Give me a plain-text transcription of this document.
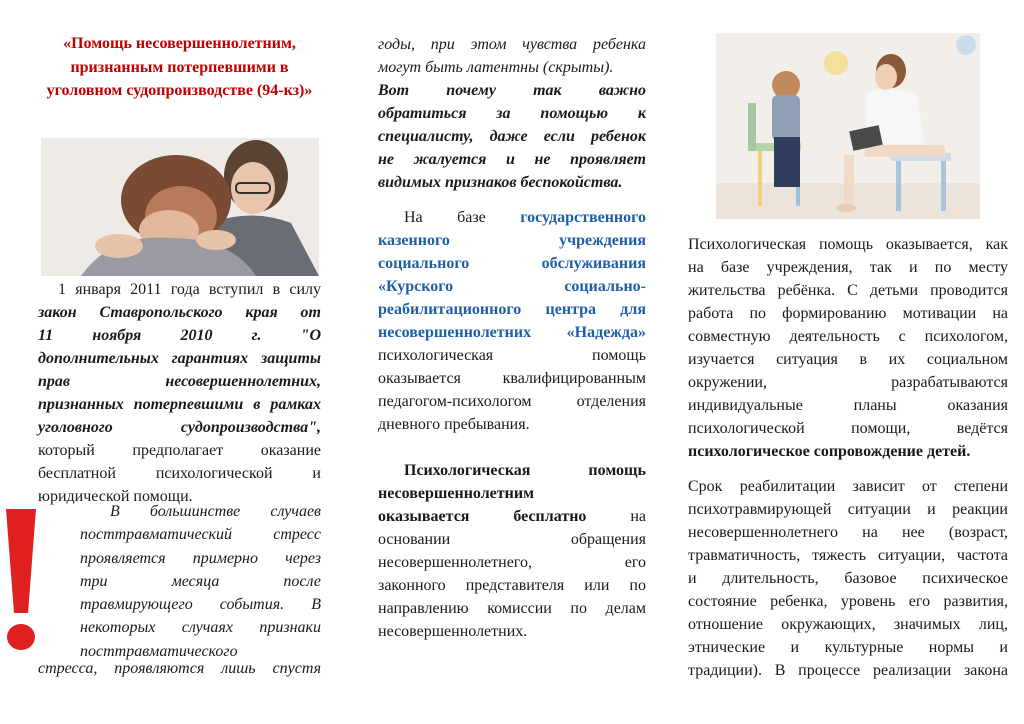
«Помощь несовершеннолетним, признанным потерпевшими в уголовном судопроизводстве (94-кз)»

1 января 2011 года вступил в силу

закон Ставропольского края от

11 ноября 2010 г. "О

дополнительных гарантиях защиты

прав несовершеннолетних,

признанных потерпевшими в рамках

уголовного судопроизводства",

который предполагает оказание

бесплатной психологической и

юридической помощи.

В большинстве случаев

посттравматический стресс

проявляется примерно через

три месяца после

травмирующего события. В

некоторых случаях признаки

посттравматического

стресса, проявляются лишь спустя

годы, при этом чувства ребенка

могут быть латентны (скрыты).

Вот почему так важно

обратиться за помощью к

специалисту, даже если ребенок

не жалуется и не проявляет

видимых признаков беспокойства.

На базе государственного

казенного учреждения

социального обслуживания

«Курского социально-

реабилитационного центра для

несовершеннолетних «Надежда»

психологическая помощь

оказывается квалифицированным

педагогом-психологом отделения

дневного пребывания.

Психологическая помощь

несовершеннолетним

оказывается бесплатно	на

основании обращения

несовершеннолетнего, его

законного представителя или по

направлению комиссии по делам

несовершеннолетних.

Психологическая помощь оказывается, как

на базе учреждения, так и по месту

жительства ребёнка. С детьми проводится

работа по формированию мотивации на

совместную деятельность с психологом,

изучается ситуация в их социальном

окружении, разрабатываются

индивидуальные планы оказания

психологической помощи, ведётся

психологическое сопровождение детей.

Срок реабилитации зависит от степени

психотравмирующей ситуации и реакции

несовершеннолетнего на нее (возраст,

травматичность, тяжесть ситуации, частота

и длительность, базовое психическое

состояние ребенка, уровень его развития,

отношение окружающих, значимых лиц,

этнические и культурные нормы и

традиции). В процессе реализации закона
